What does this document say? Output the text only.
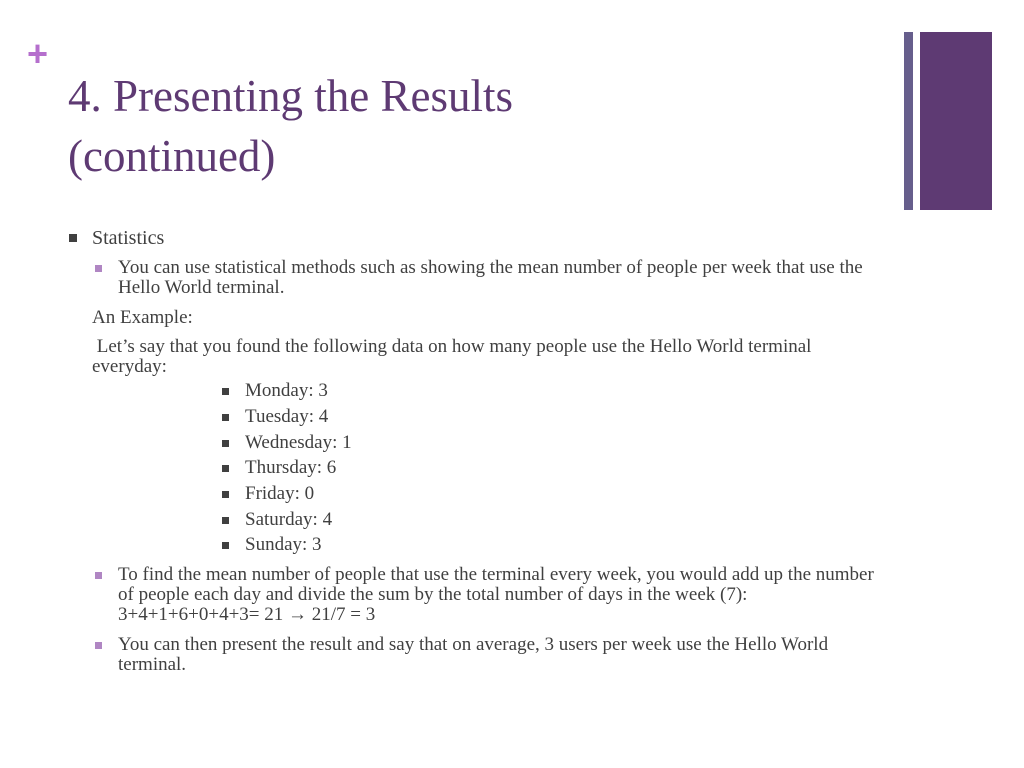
+
4. Presenting the Results
(continued)
Statistics
You can use statistical methods such as showing the mean number of people per week that use the Hello World terminal.
An Example:
Let’s say that you found the following data on how many people use the Hello World terminal everyday:
Monday: 3
Tuesday: 4
Wednesday: 1
Thursday: 6
Friday: 0
Saturday: 4
Sunday: 3
To find the mean number of people that use the terminal every week, you would add up the number of people each day and divide the sum by the total number of days in the week (7): 3+4+1+6+0+4+3= 21 → 21/7 = 3
You can then present the result and say that on average, 3 users per week use the Hello World terminal.
